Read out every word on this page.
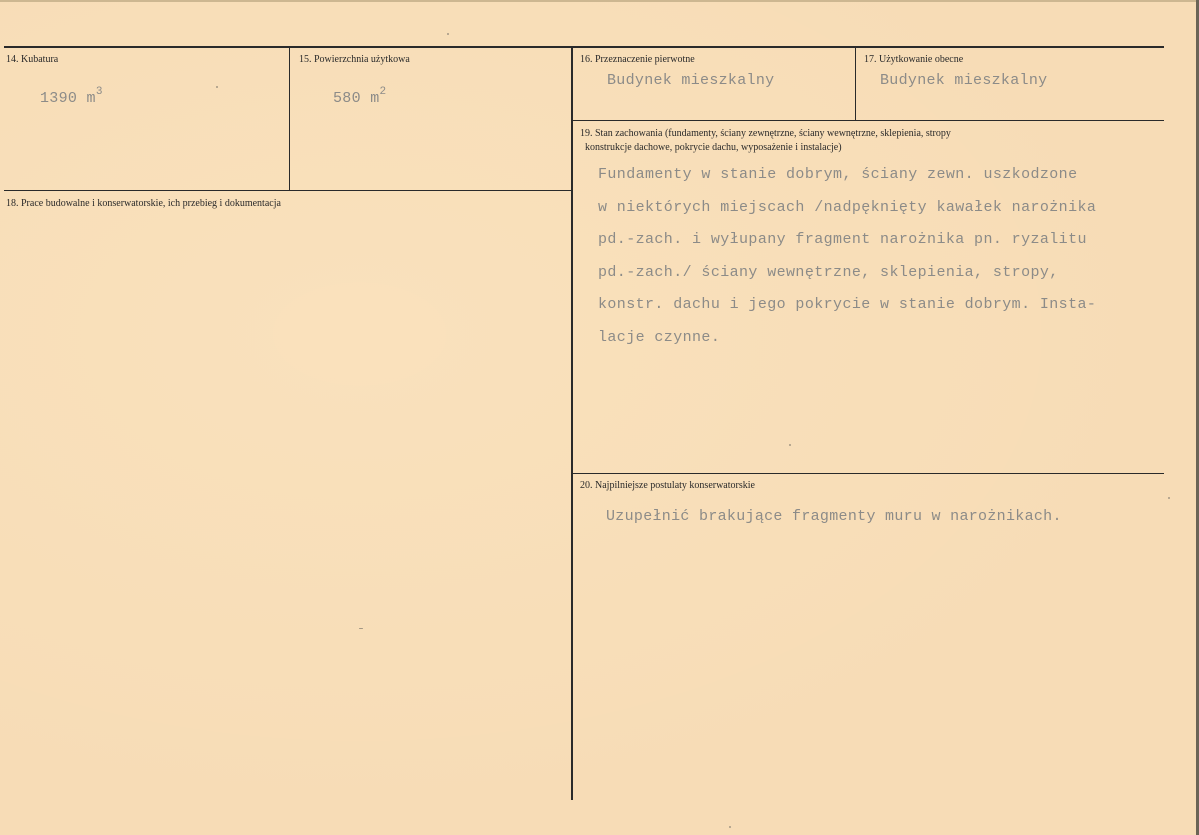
14. Kubatura
1390 $m^3$
15. Powierzchnia użytkowa
580 $m^2$
16. Przeznaczenie pierwotne
Budynek mieszkalny
17. Użytkowanie obecne
Budynek mieszkalny
18. Prace budowalne i konserwatorskie, ich przebieg i dokumentacja
19. Stan zachowania (fundamenty, ściany zewnętrzne, ściany wewnętrzne, sklepienia, stropy
konstrukcje dachowe, pokrycie dachu, wyposażenie i instalacje)
Fundamenty w stanie dobrym, ściany zewn. uszkodzone
w niektórych miejscach /nadpęknięty kawałek narożnika
pd.-zach. i wyłupany fragment narożnika pn. ryzalitu
pd.-zach./ ściany wewnętrzne, sklepienia, stropy,
konstr. dachu i jego pokrycie w stanie dobrym. Insta-
lacje czynne.
20. Najpilniejsze postulaty konserwatorskie
Uzupełnić brakujące fragmenty muru w narożnikach.
